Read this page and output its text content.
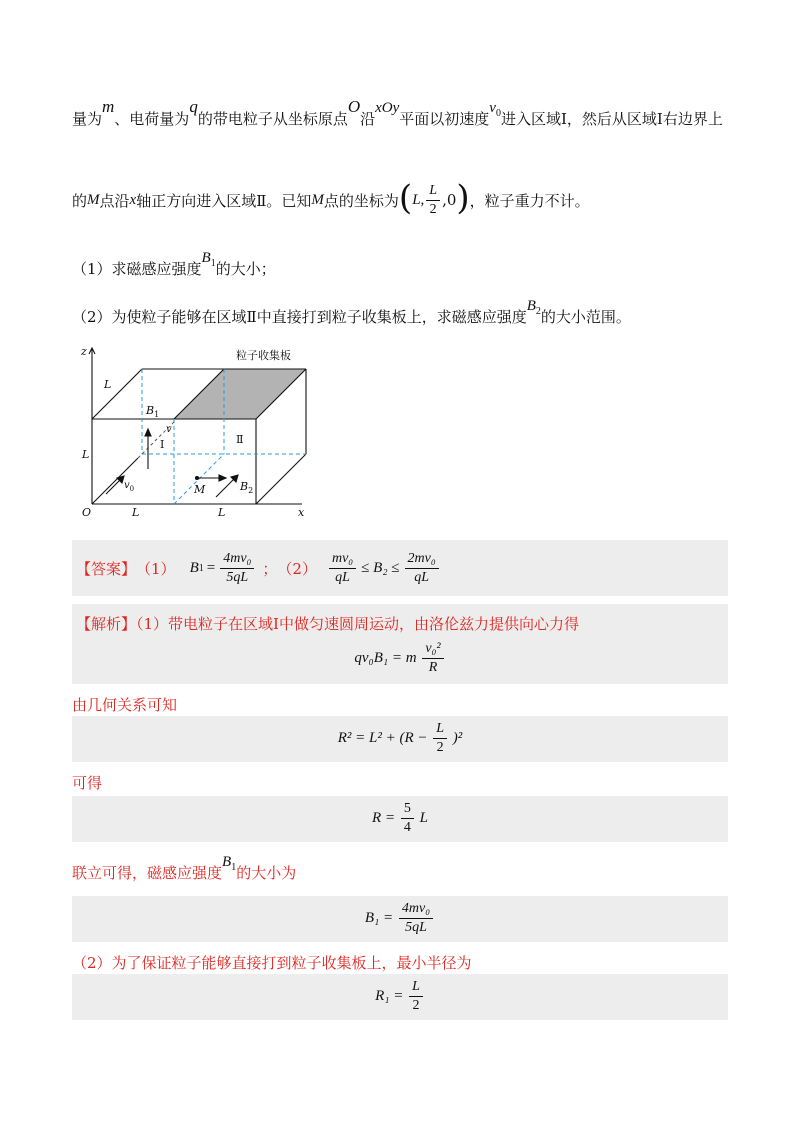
量为m、电荷量为q的带电粒子从坐标原点O沿xOy平面以初速度$v_0$进入区域Ⅰ，然后从区域Ⅰ右边界上
的 M 点沿 x 轴正方向进入区域Ⅱ。已知 M 点的坐标为 ( L, $\frac{L}{2} ,0$ ) ，粒子重力不计。
（1）求磁感应强度$B_1$的大小；
（2）为使粒子能够在区域Ⅱ中直接打到粒子收集板上，求磁感应强度$B_2$的大小范围。
粒子收集板
z
x
O
L
L
L	L
$B_1$
v
Ⅰ	Ⅱ
$v_0$	M	$B_2$
【答案】 （1） B $1 = \frac{\text{4mv₀}}{5qL}$ ； $(2) \frac{\text{mv₀}}{qL} \le B_2 \le \frac{\text{2mv₀}}{qL}$
【解析】（1）带电粒子在区域Ⅰ中做匀速圆周运动，由洛伦兹力提供向心力得
qv₀B₁ = m $\frac{\text{v₀²}}{R}$
由几何关系可知
$R^2 = L^2 + (R - \frac{L}{2} )^2$
可得
$R = \frac{5}{4}$ L
联立可得，磁感应强度$B_1$的大小为
$B_1 = \frac{\text{4mv₀}}{5qL}$
（2）为了保证粒子能够直接打到粒子收集板上，最小半径为
$R_1 = \frac{L}{2}$
